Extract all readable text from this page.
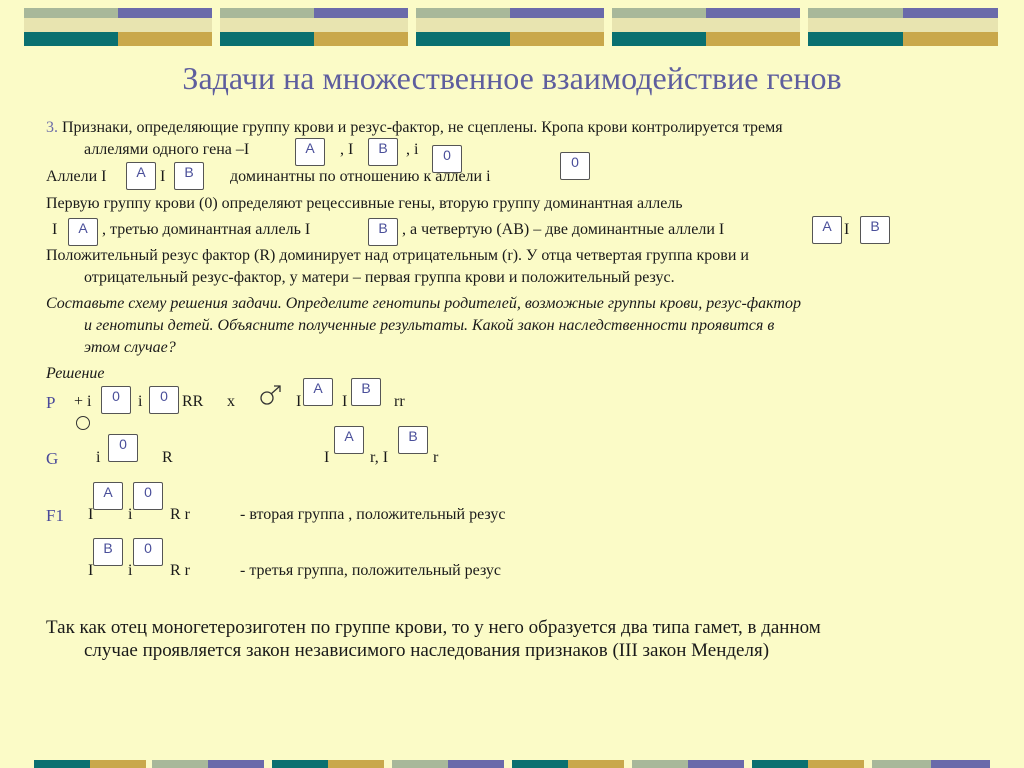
Задачи на множественное взаимодействие генов
3. Признаки, определяющие группу крови и резус-фактор, не сцеплены. Кропа крови контролируется тремя
аллелями одного гена –I	A	, I	B	, i	0
Аллели I	A I	B	доминантны по отношению к аллели i
0
Первую группу крови (0) определяют рецессивные гены, вторую группу доминантная аллель
I	A , третью доминантная аллель I	B , а четвертую (АВ) – две доминантные аллели I	A I	B
Положительный резус фактор (R) доминирует над отрицательным (r). У отца четвертая группа крови и
отрицательный резус-фактор, у матери – первая группа крови и положительный резус.
Составьте схему решения задачи. Определите генотипы родителей, возможные группы крови, резус-фактор
и генотипы детей. Объясните полученные результаты. Какой закон наследственности проявится в
этом случае?
Решение
P + i	0	i	0 RR x	I
A
I
B
rr
G i
0
R	I
A
r, I
B
r
F1 I
A
i
0
R r	- вторая группа , положительный резус
I
B
i
0
R r	- третья группа, положительный резус
Так как отец моногетерозиготен по группе крови, то у него образуется два типа гамет, в данном
случае проявляется закон независимого наследования признаков (III закон Менделя)
